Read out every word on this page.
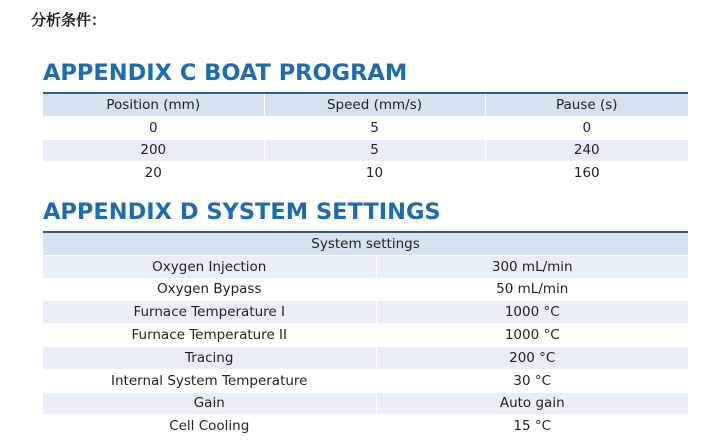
分析条件：
APPENDIX C BOAT PROGRAM
Position (mm)	Speed (mm/s)	Pause (s)
0	5	0
200	5	240
20	10	160
APPENDIX D SYSTEM SETTINGS
System settings	
Oxygen Injection	300 mL/min
Oxygen Bypass	50 mL/min
Furnace Temperature I	1000 °C
Furnace Temperature II	1000 °C
Tracing	200 °C
Internal System Temperature	30 °C
Gain	Auto gain
Cell Cooling	15 °C
